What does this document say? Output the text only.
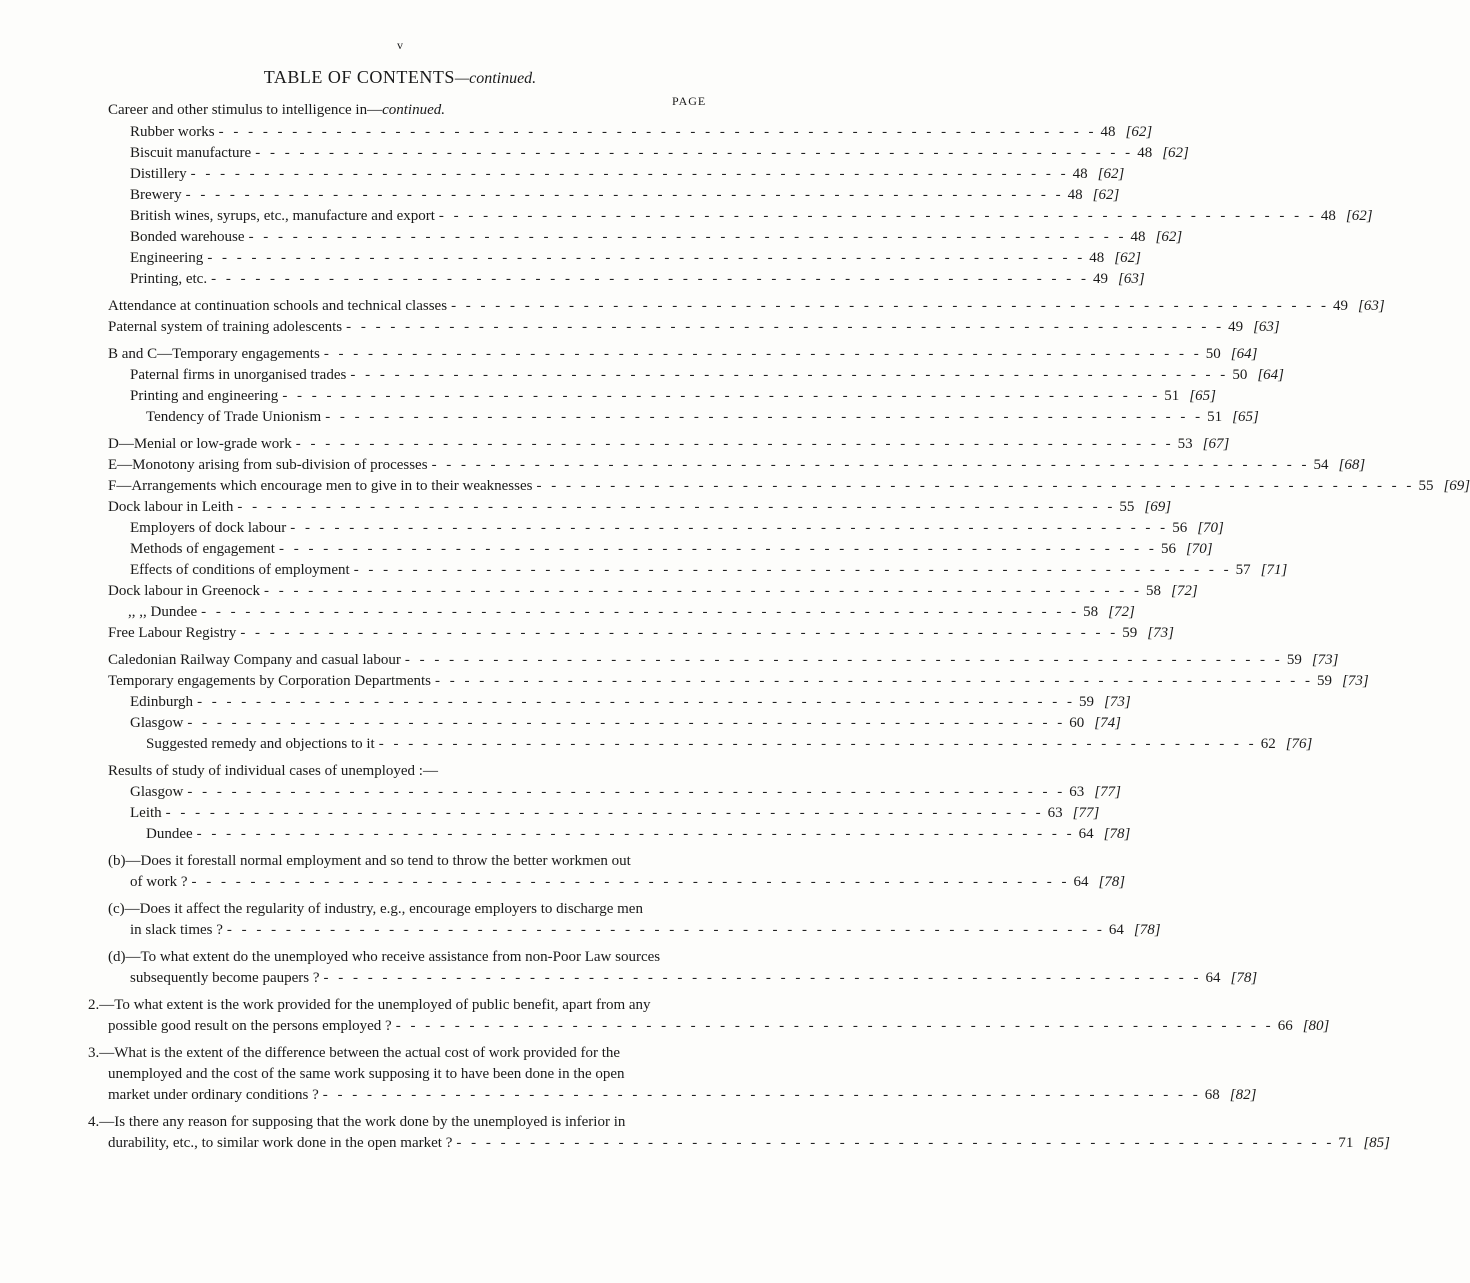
v
TABLE OF CONTENTS—continued.
PAGE
Career and other stimulus to intelligence in—continued.
Rubber works - - - - - - - - - - - - - - - - - - - - - - - - - - - - - - - - - - - - - - - - - - - - - - - - - - - - - - - - - - - - 48 [62]
Biscuit manufacture - - - - - - - - - - - - - - - - - - - - - - - - - - - - - - - - - - - - - - - - - - - - - - - - - - - - - - - - - - - - 48 [62]
Distillery - - - - - - - - - - - - - - - - - - - - - - - - - - - - - - - - - - - - - - - - - - - - - - - - - - - - - - - - - - - - 48 [62]
Brewery - - - - - - - - - - - - - - - - - - - - - - - - - - - - - - - - - - - - - - - - - - - - - - - - - - - - - - - - - - - - 48 [62]
British wines, syrups, etc., manufacture and export - - - - - - - - - - - - - - - - - - - - - - - - - - - - - - - - - - - - - - - - - - - - - - - - - - - - - - - - - - - - 48 [62]
Bonded warehouse - - - - - - - - - - - - - - - - - - - - - - - - - - - - - - - - - - - - - - - - - - - - - - - - - - - - - - - - - - - - 48 [62]
Engineering - - - - - - - - - - - - - - - - - - - - - - - - - - - - - - - - - - - - - - - - - - - - - - - - - - - - - - - - - - - - 48 [62]
Printing, etc. - - - - - - - - - - - - - - - - - - - - - - - - - - - - - - - - - - - - - - - - - - - - - - - - - - - - - - - - - - - - 49 [63]
Attendance at continuation schools and technical classes - - - - - - - - - - - - - - - - - - - - - - - - - - - - - - - - - - - - - - - - - - - - - - - - - - - - - - - - - - - - 49 [63]
Paternal system of training adolescents - - - - - - - - - - - - - - - - - - - - - - - - - - - - - - - - - - - - - - - - - - - - - - - - - - - - - - - - - - - - 49 [63]
B and C—Temporary engagements - - - - - - - - - - - - - - - - - - - - - - - - - - - - - - - - - - - - - - - - - - - - - - - - - - - - - - - - - - - - 50 [64]
Paternal firms in unorganised trades - - - - - - - - - - - - - - - - - - - - - - - - - - - - - - - - - - - - - - - - - - - - - - - - - - - - - - - - - - - - 50 [64]
Printing and engineering - - - - - - - - - - - - - - - - - - - - - - - - - - - - - - - - - - - - - - - - - - - - - - - - - - - - - - - - - - - - 51 [65]
Tendency of Trade Unionism - - - - - - - - - - - - - - - - - - - - - - - - - - - - - - - - - - - - - - - - - - - - - - - - - - - - - - - - - - - - 51 [65]
D—Menial or low-grade work - - - - - - - - - - - - - - - - - - - - - - - - - - - - - - - - - - - - - - - - - - - - - - - - - - - - - - - - - - - - 53 [67]
E—Monotony arising from sub-division of processes - - - - - - - - - - - - - - - - - - - - - - - - - - - - - - - - - - - - - - - - - - - - - - - - - - - - - - - - - - - - 54 [68]
F—Arrangements which encourage men to give in to their weaknesses - - - - - - - - - - - - - - - - - - - - - - - - - - - - - - - - - - - - - - - - - - - - - - - - - - - - - - - - - - - - 55 [69]
Dock labour in Leith - - - - - - - - - - - - - - - - - - - - - - - - - - - - - - - - - - - - - - - - - - - - - - - - - - - - - - - - - - - - 55 [69]
Employers of dock labour - - - - - - - - - - - - - - - - - - - - - - - - - - - - - - - - - - - - - - - - - - - - - - - - - - - - - - - - - - - - 56 [70]
Methods of engagement - - - - - - - - - - - - - - - - - - - - - - - - - - - - - - - - - - - - - - - - - - - - - - - - - - - - - - - - - - - - 56 [70]
Effects of conditions of employment - - - - - - - - - - - - - - - - - - - - - - - - - - - - - - - - - - - - - - - - - - - - - - - - - - - - - - - - - - - - 57 [71]
Dock labour in Greenock - - - - - - - - - - - - - - - - - - - - - - - - - - - - - - - - - - - - - - - - - - - - - - - - - - - - - - - - - - - - 58 [72]
,, ,, Dundee - - - - - - - - - - - - - - - - - - - - - - - - - - - - - - - - - - - - - - - - - - - - - - - - - - - - - - - - - - - - 58 [72]
Free Labour Registry - - - - - - - - - - - - - - - - - - - - - - - - - - - - - - - - - - - - - - - - - - - - - - - - - - - - - - - - - - - - 59 [73]
Caledonian Railway Company and casual labour - - - - - - - - - - - - - - - - - - - - - - - - - - - - - - - - - - - - - - - - - - - - - - - - - - - - - - - - - - - - 59 [73]
Temporary engagements by Corporation Departments - - - - - - - - - - - - - - - - - - - - - - - - - - - - - - - - - - - - - - - - - - - - - - - - - - - - - - - - - - - - 59 [73]
Edinburgh - - - - - - - - - - - - - - - - - - - - - - - - - - - - - - - - - - - - - - - - - - - - - - - - - - - - - - - - - - - - 59 [73]
Glasgow - - - - - - - - - - - - - - - - - - - - - - - - - - - - - - - - - - - - - - - - - - - - - - - - - - - - - - - - - - - - 60 [74]
Suggested remedy and objections to it - - - - - - - - - - - - - - - - - - - - - - - - - - - - - - - - - - - - - - - - - - - - - - - - - - - - - - - - - - - - 62 [76]
Results of study of individual cases of unemployed :—
Glasgow - - - - - - - - - - - - - - - - - - - - - - - - - - - - - - - - - - - - - - - - - - - - - - - - - - - - - - - - - - - - 63 [77]
Leith - - - - - - - - - - - - - - - - - - - - - - - - - - - - - - - - - - - - - - - - - - - - - - - - - - - - - - - - - - - - 63 [77]
Dundee - - - - - - - - - - - - - - - - - - - - - - - - - - - - - - - - - - - - - - - - - - - - - - - - - - - - - - - - - - - - 64 [78]
(b)—Does it forestall normal employment and so tend to throw the better workmen out
of work ? - - - - - - - - - - - - - - - - - - - - - - - - - - - - - - - - - - - - - - - - - - - - - - - - - - - - - - - - - - - - 64 [78]
(c)—Does it affect the regularity of industry, e.g., encourage employers to discharge men
in slack times ? - - - - - - - - - - - - - - - - - - - - - - - - - - - - - - - - - - - - - - - - - - - - - - - - - - - - - - - - - - - - 64 [78]
(d)—To what extent do the unemployed who receive assistance from non-Poor Law sources
subsequently become paupers ? - - - - - - - - - - - - - - - - - - - - - - - - - - - - - - - - - - - - - - - - - - - - - - - - - - - - - - - - - - - - 64 [78]
2.—To what extent is the work provided for the unemployed of public benefit, apart from any
possible good result on the persons employed ? - - - - - - - - - - - - - - - - - - - - - - - - - - - - - - - - - - - - - - - - - - - - - - - - - - - - - - - - - - - - 66 [80]
3.—What is the extent of the difference between the actual cost of work provided for the
unemployed and the cost of the same work supposing it to have been done in the open
market under ordinary conditions ? - - - - - - - - - - - - - - - - - - - - - - - - - - - - - - - - - - - - - - - - - - - - - - - - - - - - - - - - - - - - 68 [82]
4.—Is there any reason for supposing that the work done by the unemployed is inferior in
durability, etc., to similar work done in the open market ? - - - - - - - - - - - - - - - - - - - - - - - - - - - - - - - - - - - - - - - - - - - - - - - - - - - - - - - - - - - - 71 [85]
